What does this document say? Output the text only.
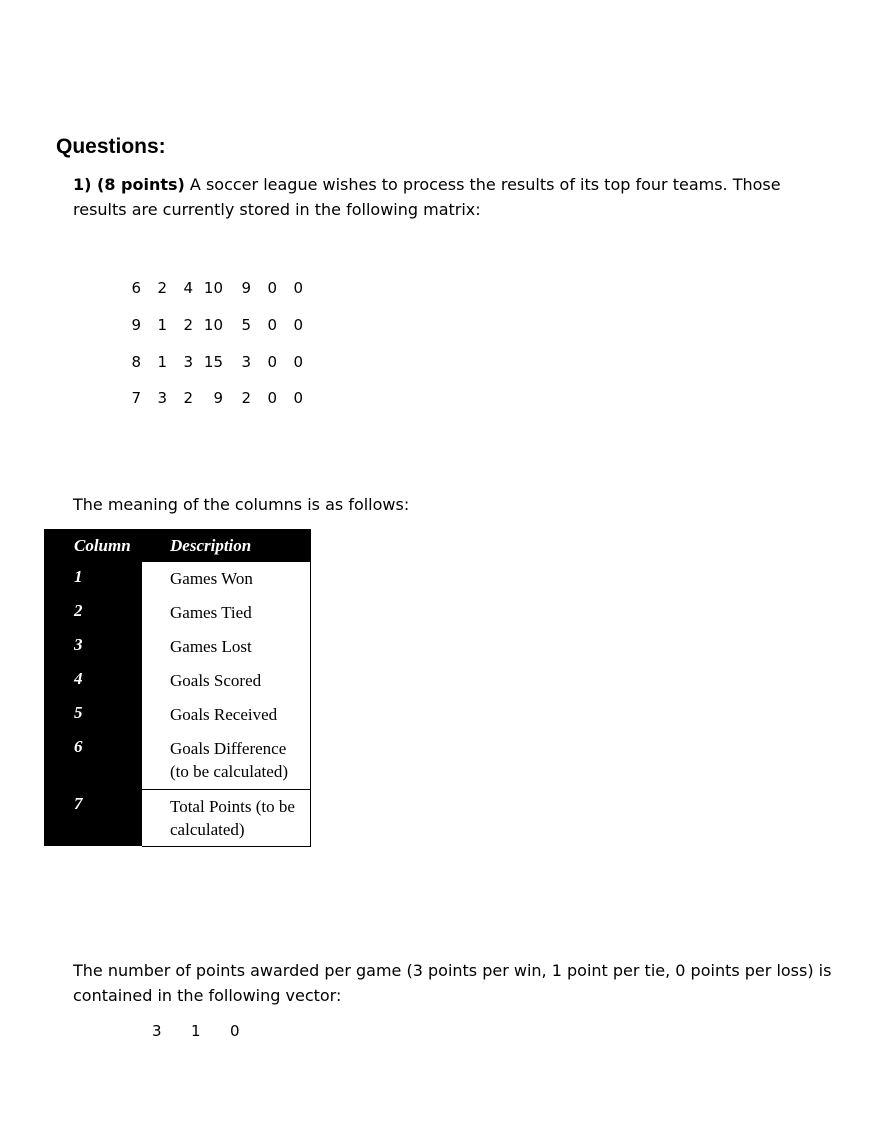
Questions:

1) (8 points) A soccer league wishes to process the results of its top four teams. Those results are currently stored in the following matrix:

6	2	4	10	9	0	0
9	1	2	10	5	0	0
8	1	3	15	3	0	0
7	3	2	9	2	0	0

The meaning of the columns is as follows:

Column	Description
1	Games Won
2	Games Tied
3	Games Lost
4	Goals Scored
5	Goals Received
6	Goals Difference (to be calculated)
7	Total Points (to be calculated)

The number of points awarded per game (3 points per win, 1 point per tie, 0 points per loss) is contained in the following vector:

3	1	0
